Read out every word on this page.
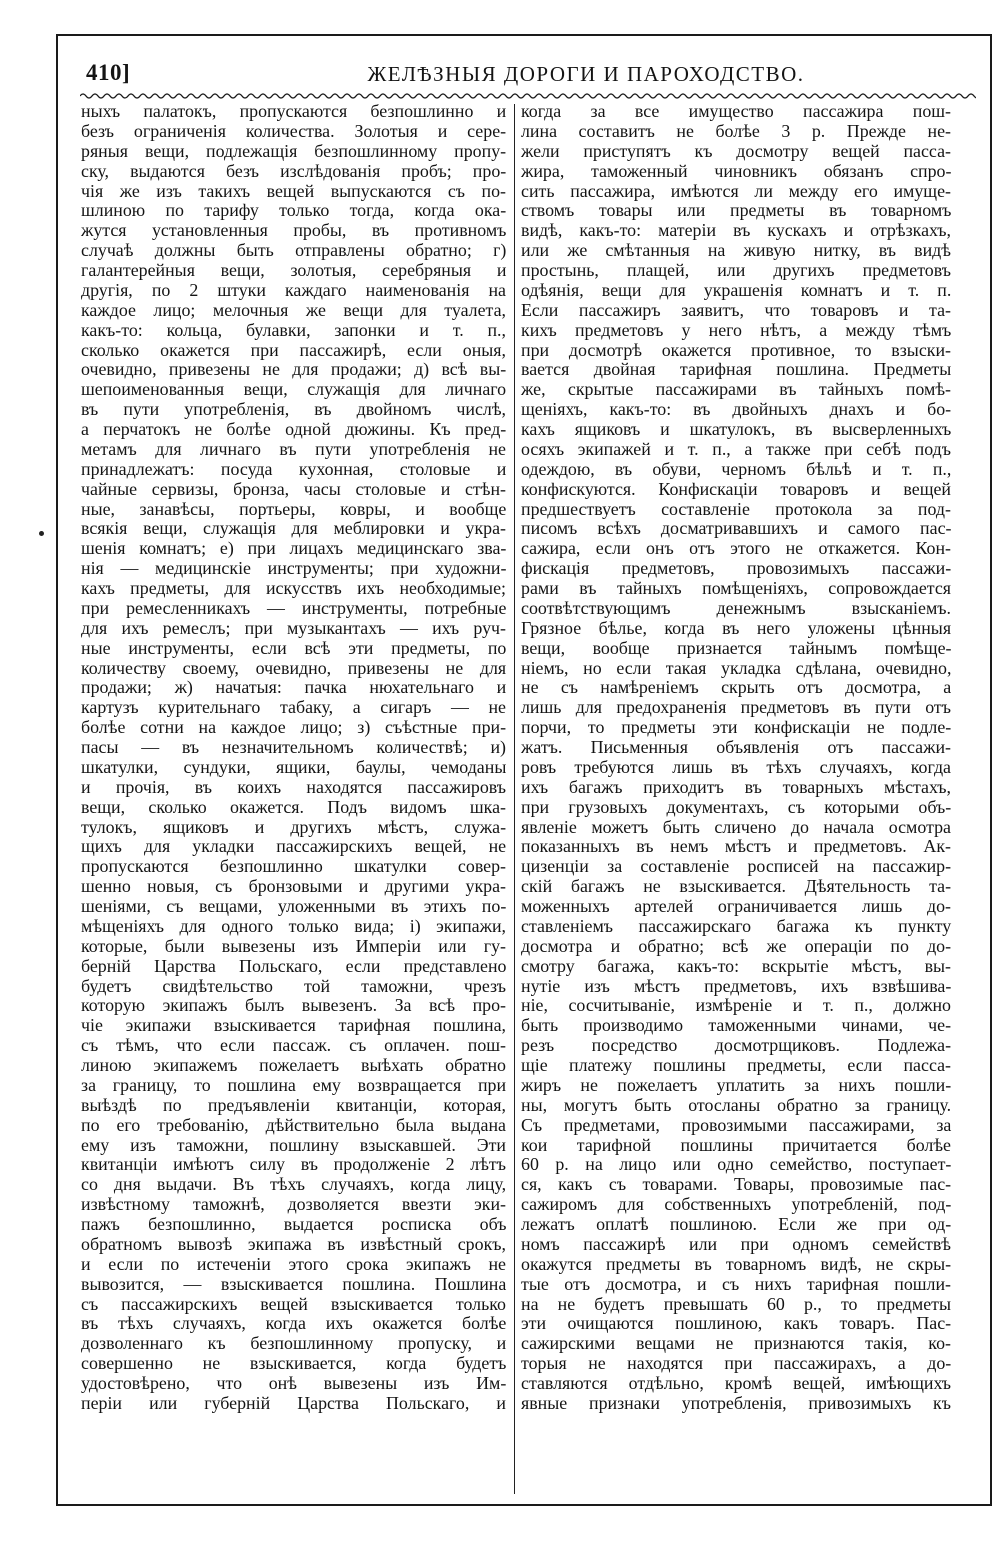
410]	ЖЕЛѢЗНЫЯ ДОРОГИ И ПАРОХОДСТВО.
ныхъ палатокъ, пропускаются безпошлинно и
безъ ограниченія количества. Золотыя и сере-
ряныя вещи, подлежащія безпошлинному пропу-
ску, выдаются безъ изслѣдованія пробъ; про-
чія же изъ такихъ вещей выпускаются съ по-
шлиною по тарифу только тогда, когда ока-
жутся установленныя пробы, въ противномъ
случаѣ должны быть отправлены обратно; г)
галантерейныя вещи, золотыя, серебряныя и
другія, по 2 штуки каждаго наименованія на
каждое лицо; мелочныя же вещи для туалета,
какъ-то: кольца, булавки, запонки и т. п.,
сколько окажется при пассажирѣ, если оныя,
очевидно, привезены не для продажи; д) всѣ вы-
шепоименованныя вещи, служащія для личнаго
въ пути употребленія, въ двойномъ числѣ,
а перчатокъ не болѣе одной дюжины. Къ пред-
метамъ для личнаго въ пути употребленія не
принадлежатъ: посуда кухонная, столовые и
чайные сервизы, бронза, часы столовые и стѣн-
ные, занавѣсы, портьеры, ковры, и вообще
всякія вещи, служащія для меблировки и укра-
шенія комнатъ; е) при лицахъ медицинскаго зва-
нія — медицинскіе инструменты; при художни-
кахъ предметы, для искусствъ ихъ необходимые;
при ремесленникахъ — инструменты, потребные
для ихъ ремеслъ; при музыкантахъ — ихъ руч-
ные инструменты, если всѣ эти предметы, по
количеству своему, очевидно, привезены не для
продажи; ж) начатыя: пачка нюхательнаго и
картузъ курительнаго табаку, а сигаръ — не
болѣе сотни на каждое лицо; з) съѣстные при-
пасы — въ незначительномъ количествѣ; и)
шкатулки, сундуки, ящики, баулы, чемоданы
и прочія, въ коихъ находятся пассажировъ
вещи, сколько окажется. Подъ видомъ шка-
тулокъ, ящиковъ и другихъ мѣстъ, служа-
щихъ для укладки пассажирскихъ вещей, не
пропускаются безпошлинно шкатулки совер-
шенно новыя, съ бронзовыми и другими укра-
шеніями, съ вещами, уложенными въ этихъ по-
мѣщеніяхъ для одного только вида; і) экипажи,
которые, были вывезены изъ Имперіи или гу-
берній Царства Польскаго, если представлено
будетъ свидѣтельство той таможни, чрезъ
которую экипажъ былъ вывезенъ. За всѣ про-
чіе экипажи взыскивается тарифная пошлина,
съ тѣмъ, что если пассаж. съ оплачен. пош-
линою экипажемъ пожелаетъ выѣхать обратно
за границу, то пошлина ему возвращается при
выѣздѣ по предъявленіи квитанціи, которая,
по его требованію, дѣйствительно была выдана
ему изъ таможни, пошлину взыскавшей. Эти
квитанціи имѣютъ силу въ продолженіе 2 лѣтъ
со дня выдачи. Въ тѣхъ случаяхъ, когда лицу,
извѣстному таможнѣ, дозволяется ввезти эки-
пажъ безпошлинно, выдается росписка объ
обратномъ вывозѣ экипажа въ извѣстный срокъ,
и если по истеченіи этого срока экипажъ не
вывозится, — взыскивается пошлина. Пошлина
съ пассажирскихъ вещей взыскивается только
въ тѣхъ случаяхъ, когда ихъ окажется болѣе
дозволеннаго къ безпошлинному пропуску, и
совершенно не взыскивается, когда будетъ
удостовѣрено, что онѣ вывезены изъ Им-
періи или губерній Царства Польскаго, и
когда за все имущество пассажира пош-
лина составитъ не болѣе 3 р. Прежде не-
жели приступятъ къ досмотру вещей пасса-
жира, таможенный чиновникъ обязанъ спро-
сить пассажира, имѣются ли между его имуще-
ствомъ товары или предметы въ товарномъ
видѣ, какъ-то: матеріи въ кускахъ и отрѣзкахъ,
или же смѣтанныя на живую нитку, въ видѣ
простынь, плащей, или другихъ предметовъ
одѣянія, вещи для украшенія комнатъ и т. п.
Если пассажиръ заявитъ, что товаровъ и та-
кихъ предметовъ у него нѣтъ, а между тѣмъ
при досмотрѣ окажется противное, то взыски-
вается двойная тарифная пошлина. Предметы
же, скрытые пассажирами въ тайныхъ помѣ-
щеніяхъ, какъ-то: въ двойныхъ днахъ и бо-
кахъ ящиковъ и шкатулокъ, въ высверленныхъ
осяхъ экипажей и т. п., а также при себѣ подъ
одеждою, въ обуви, черномъ бѣльѣ и т. п.,
конфискуются. Конфискаціи товаровъ и вещей
предшествуетъ составленіе протокола за под-
писомъ всѣхъ досматривавшихъ и самого пас-
сажира, если онъ отъ этого не откажется. Кон-
фискація предметовъ, провозимыхъ пассажи-
рами въ тайныхъ помѣщеніяхъ, сопровождается
соотвѣтствующимъ денежнымъ взысканіемъ.
Грязное бѣлье, когда въ него уложены цѣнныя
вещи, вообще признается тайнымъ помѣще-
ніемъ, но если такая укладка сдѣлана, очевидно,
не съ намѣреніемъ скрыть отъ досмотра, а
лишь для предохраненія предметовъ въ пути отъ
порчи, то предметы эти конфискаціи не подле-
жатъ. Письменныя объявленія отъ пассажи-
ровъ требуются лишь въ тѣхъ случаяхъ, когда
ихъ багажъ приходитъ въ товарныхъ мѣстахъ,
при грузовыхъ документахъ, съ которыми объ-
явленіе можетъ быть сличено до начала осмотра
показанныхъ въ немъ мѣстъ и предметовъ. Ак-
цизенціи за составленіе росписей на пассажир-
скій багажъ не взыскивается. Дѣятельность та-
моженныхъ артелей ограничивается лишь до-
ставленіемъ пассажирскаго багажа къ пункту
досмотра и обратно; всѣ же операціи по до-
смотру багажа, какъ-то: вскрытіе мѣстъ, вы-
нутіе изъ мѣстъ предметовъ, ихъ взвѣшива-
ніе, сосчитываніе, измѣреніе и т. п., должно
быть производимо таможенными чинами, че-
резъ посредство досмотрщиковъ. Подлежа-
щіе платежу пошлины предметы, если пасса-
жиръ не пожелаетъ уплатить за нихъ пошли-
ны, могутъ быть отосланы обратно за границу.
Съ предметами, провозимыми пассажирами, за
кои тарифной пошлины причитается болѣе
60 р. на лицо или одно семейство, поступает-
ся, какъ съ товарами. Товары, провозимые пас-
сажиромъ для собственныхъ употребленій, под-
лежатъ оплатѣ пошлиною. Если же при од-
номъ пассажирѣ или при одномъ семействѣ
окажутся предметы въ товарномъ видѣ, не скры-
тые отъ досмотра, и съ нихъ тарифная пошли-
на не будетъ превышать 60 р., то предметы
эти очищаются пошлиною, какъ товаръ. Пас-
сажирскими вещами не признаются такія, ко-
торыя не находятся при пассажирахъ, а до-
ставляются отдѣльно, кромѣ вещей, имѣющихъ
явные признаки употребленія, привозимыхъ къ
